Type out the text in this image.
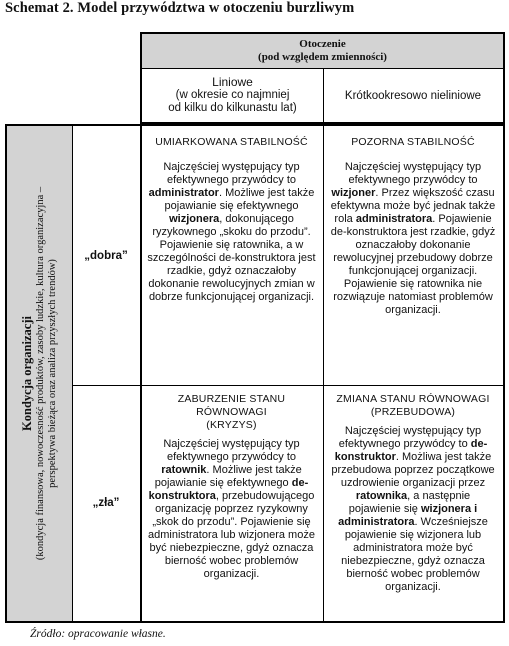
Schemat 2. Model przywództwa w otoczeniu burzliwym
Otoczenie
(pod względem zmienności)
Liniowe
(w okresie co najmniej
od kilku do kilkunastu lat)
Krótkookresowo nieliniowe
Kondycja organizacji (kondycja finansowa, nowoczesność produktów, zasoby ludzkie, kultura organizacyjna – perspektywa bieżąca oraz analiza przyszłych trendów)
„dobra”
„zła”
UMIARKOWANA STABILNOŚĆ
Najczęściej występujący typ efektywnego przywódcy to administrator. Możliwe jest także pojawianie się efektywnego wizjonera, dokonującego ryzykownego „skoku do przodu”. Pojawienie się ratownika, a w szczególności de-konstruktora jest rzadkie, gdyż oznaczałoby dokonanie rewolucyjnych zmian w dobrze funkcjonującej organizacji.
POZORNA STABILNOŚĆ
Najczęściej występujący typ efektywnego przywódcy to wizjoner. Przez większość czasu efektywna może być jednak także rola administratora. Pojawienie de-konstruktora jest rzadkie, gdyż oznaczałoby dokonanie rewolucyjnej przebudowy dobrze funkcjonującej organizacji. Pojawienie się ratownika nie rozwiązuje natomiast problemów organizacji.
ZABURZENIE STANU RÓWNOWAGI
(KRYZYS)
Najczęściej występujący typ efektywnego przywódcy to ratownik. Możliwe jest także pojawianie się efektywnego de-konstruktora, przebudowującego organizację poprzez ryzykowny „skok do przodu”. Pojawienie się administratora lub wizjonera może być niebezpieczne, gdyż oznacza bierność wobec problemów organizacji.
ZMIANA STANU RÓWNOWAGI
(PRZEBUDOWA)
Najczęściej występujący typ efektywnego przywódcy to de-konstruktor. Możliwa jest także przebudowa poprzez początkowe uzdrowienie organizacji przez ratownika, a następnie pojawienie się wizjonera i administratora. Wcześniejsze pojawienie się wizjonera lub administratora może być niebezpieczne, gdyż oznacza bierność wobec problemów organizacji.
Źródło: opracowanie własne.
